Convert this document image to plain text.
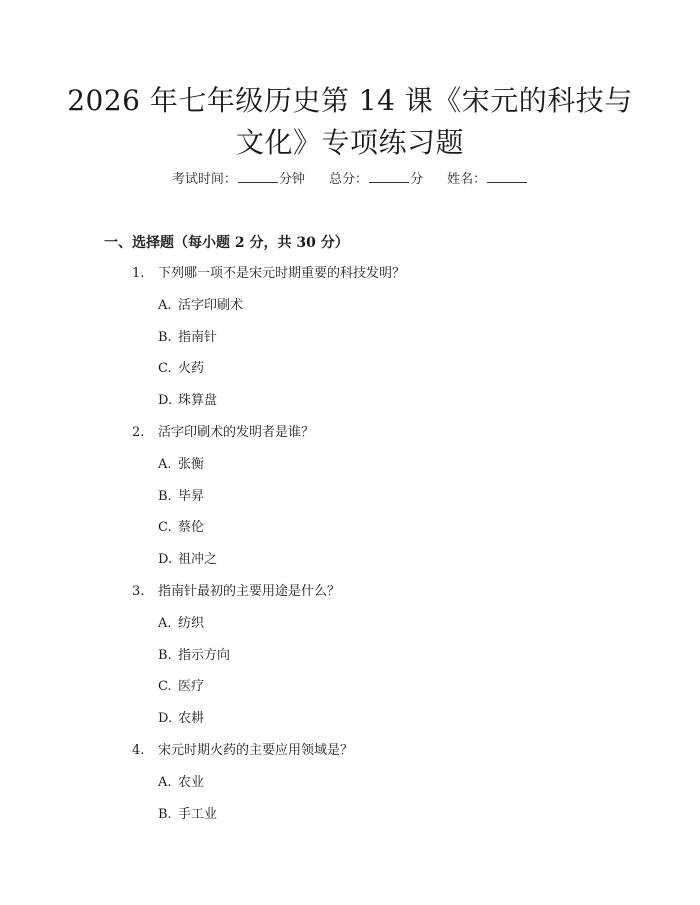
2026 年七年级历史第 14 课《宋元的科技与
文化》专项练习题
考试时间：	分钟 总分：	分 姓名：
一、选择题（每小题 2 分，共 30 分）
1. 下列哪一项不是宋元时期重要的科技发明？
A. 活字印刷术
B. 指南针
C. 火药
D. 珠算盘
2. 活字印刷术的发明者是谁？
A. 张衡
B. 毕昇
C. 蔡伦
D. 祖冲之
3. 指南针最初的主要用途是什么？
A. 纺织
B. 指示方向
C. 医疗
D. 农耕
4. 宋元时期火药的主要应用领域是？
A. 农业
B. 手工业
